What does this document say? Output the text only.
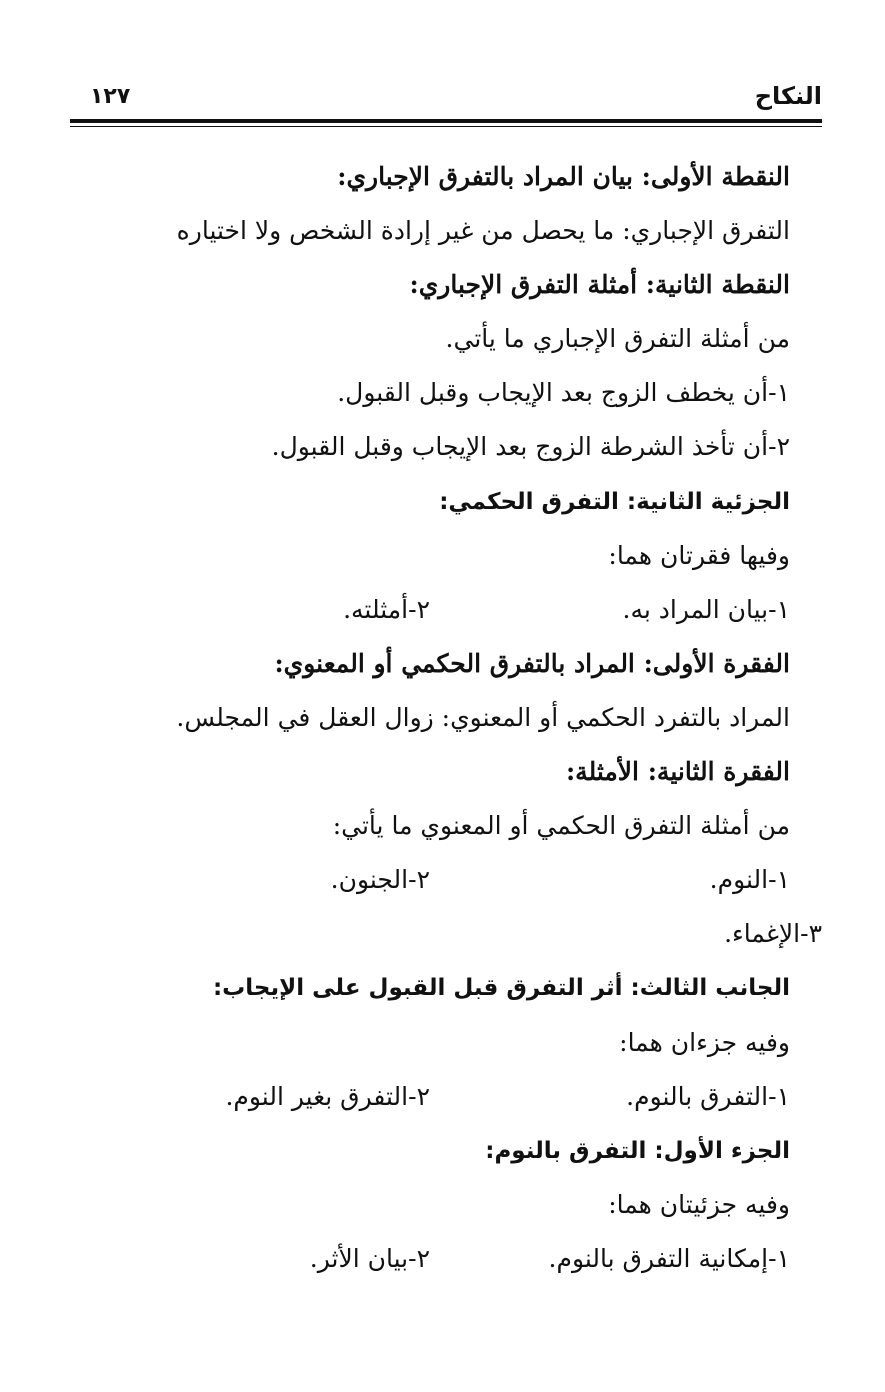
النكاح
١٢٧
النقطة الأولى: بيان المراد بالتفرق الإجباري:
التفرق الإجباري: ما يحصل من غير إرادة الشخص ولا اختياره
النقطة الثانية: أمثلة التفرق الإجباري:
من أمثلة التفرق الإجباري ما يأتي.
١-أن يخطف الزوج بعد الإيجاب وقبل القبول.
٢-أن تأخذ الشرطة الزوج بعد الإيجاب وقبل القبول.
الجزئية الثانية: التفرق الحكمي:
وفيها فقرتان هما:
١-بيان المراد به.
٢-أمثلته.
الفقرة الأولى: المراد بالتفرق الحكمي أو المعنوي:
المراد بالتفرد الحكمي أو المعنوي: زوال العقل في المجلس.
الفقرة الثانية: الأمثلة:
من أمثلة التفرق الحكمي أو المعنوي ما يأتي:
١-النوم.
٢-الجنون.
٣-الإغماء.
الجانب الثالث: أثر التفرق قبل القبول على الإيجاب:
وفيه جزءان هما:
١-التفرق بالنوم.
٢-التفرق بغير النوم.
الجزء الأول: التفرق بالنوم:
وفيه جزئيتان هما:
١-إمكانية التفرق بالنوم.
٢-بيان الأثر.
